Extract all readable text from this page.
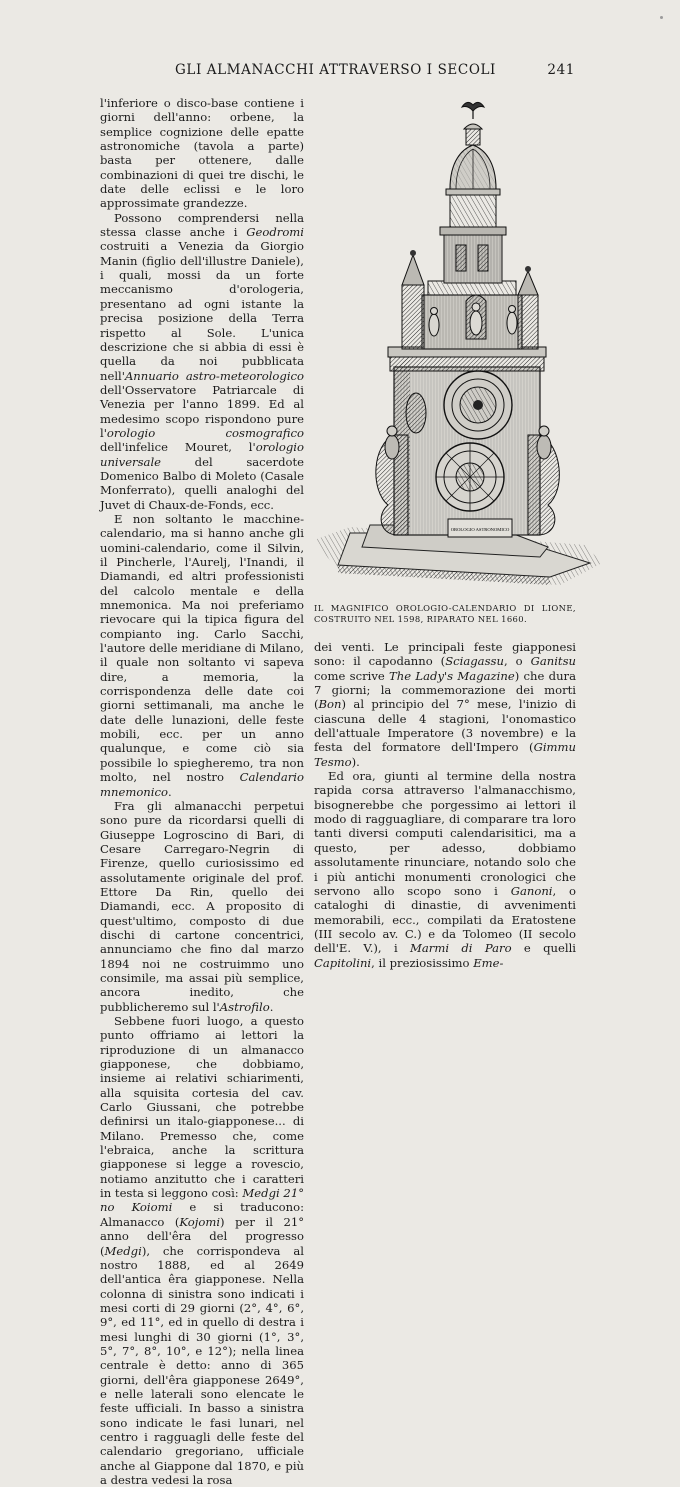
GLI ALMANACCHI ATTRAVERSO I SECOLI	241

l'inferiore o disco-base contiene i giorni dell'anno: orbene, la semplice cognizione delle epatte astronomiche (tavola a parte) basta per ottenere, dalle combinazioni di quei tre dischi, le date delle eclissi e le loro approssimate grandezze.

Possono comprendersi nella stessa classe anche i Geodromi costruiti a Venezia da Giorgio Manin (figlio dell'illustre Daniele), i quali, mossi da un forte meccanismo d'orologeria, presentano ad ogni istante la precisa posizione della Terra rispetto al Sole. L'unica descrizione che si abbia di essi è quella da noi pubblicata nell'Annuario astro-meteorologico dell'Osservatore Patriarcale di Venezia per l'anno 1899. Ed al medesimo scopo rispondono pure l'orologio cosmografico dell'infelice Mouret, l'orologio universale del sacerdote Domenico Balbo di Moleto (Casale Monferrato), quelli analoghi del Juvet di Chaux-de-Fonds, ecc.

E non soltanto le macchine-calendario, ma si hanno anche gli uomini-calendario, come il Silvin, il Pincherle, l'Aurelj, l'Inandi, il Diamandi, ed altri professionisti del calcolo mentale e della mnemonica. Ma noi preferiamo rievocare qui la tipica figura del compianto ing. Carlo Sacchi, l'autore delle meridiane di Milano, il quale non soltanto vi sapeva dire, a memoria, la corrispondenza delle date coi giorni settimanali, ma anche le date delle lunazioni, delle feste mobili, ecc. per un anno qualunque, e come ciò sia possibile lo spiegheremo, tra non molto, nel nostro Calendario mnemonico.

Fra gli almanacchi perpetui sono pure da ricordarsi quelli di Giuseppe Logroscino di Bari, di Cesare Carregaro-Negrin di Firenze, quello curiosissimo ed assolutamente originale del prof. Ettore Da Rin, quello dei Diamandi, ecc. A proposito di quest'ultimo, composto di due dischi di cartone concentrici, annunciamo che fino dal marzo 1894 noi ne costruimmo uno consimile, ma assai più semplice, ancora inedito, che pubblicheremo sul l'Astrofilo.

Sebbene fuori luogo, a questo punto offriamo ai lettori la riproduzione di un almanacco giapponese, che dobbiamo, insieme ai relativi schiarimenti, alla squisita cortesia del cav. Carlo Giussani, che potrebbe definirsi un italo-giapponese... di Milano. Premesso che, come l'ebraica, anche la scrittura giapponese si legge a rovescio, notiamo anzitutto che i caratteri in testa si leggono così: Medgi 21° no Koiomi e si traducono: Almanacco (Kojomi) per il 21° anno dell'êra del progresso (Medgi), che corrispondeva al nostro 1888, ed al 2649 dell'antica êra giapponese. Nella colonna di sinistra sono indicati i mesi corti di 29 giorni (2°, 4°, 6°, 9°, ed 11°, ed in quello di destra i mesi lunghi di 30 giorni (1°, 3°, 5°, 7°, 8°, 10°, e 12°); nella linea centrale è detto: anno di 365 giorni, dell'êra giapponese 2649°, e nelle laterali sono elencate le feste ufficiali. In basso a sinistra sono indicate le fasi lunari, nel centro i ragguagli delle feste del calendario gregoriano, ufficiale anche al Giappone dal 1870, e più a destra vedesi la rosa

OROLOGIO ASTRONOMICO
IL MAGNIFICO OROLOGIO-CALENDARIO DI LIONE, COSTRUITO NEL 1598, RIPARATO NEL 1660.

dei venti. Le principali feste giapponesi sono: il capodanno (Sciagassu, o Ganitsu come scrive The Lady's Magazine) che dura 7 giorni; la commemorazione dei morti (Bon) al principio del 7° mese, l'inizio di ciascuna delle 4 stagioni, l'onomastico dell'attuale Imperatore (3 novembre) e la festa del formatore dell'Impero (Gimmu Tesmo).

Ed ora, giunti al termine della nostra rapida corsa attraverso l'almanacchismo, bisognerebbe che porgessimo ai lettori il modo di ragguagliare, di comparare tra loro tanti diversi computi calendarisitici, ma a questo, per adesso, dobbiamo assolutamente rinunciare, notando solo che i più antichi monumenti cronologici che servono allo scopo sono i Ganoni, o cataloghi di dinastie, di avvenimenti memorabili, ecc., compilati da Eratostene (III secolo av. C.) e da Tolomeo (II secolo dell'E. V.), i Marmi di Paro e quelli Capitolini, il preziosissimo Eme-
